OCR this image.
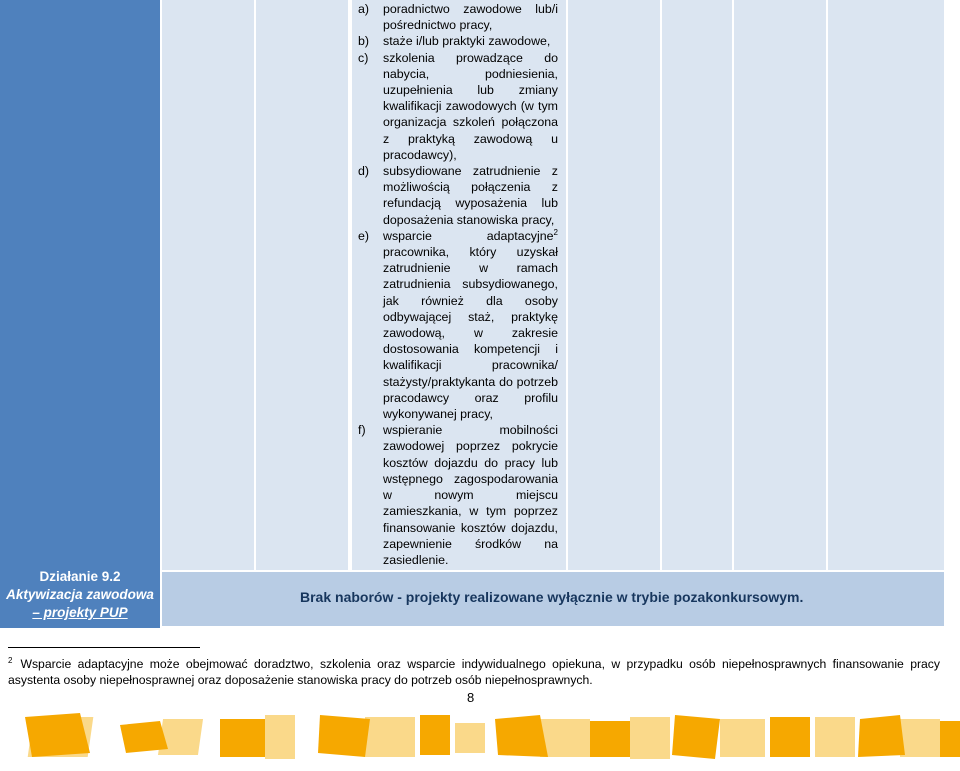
Działanie 9.2
Aktywizacja zawodowa
– projekty PUP
a) poradnictwo zawodowe lub/i pośrednictwo pracy,
b) staże i/lub praktyki zawodowe,
c) szkolenia prowadzące do nabycia, podniesienia, uzupełnienia lub zmiany kwalifikacji zawodowych (w tym organizacja szkoleń połączona z praktyką zawodową u pracodawcy),
d) subsydiowane zatrudnienie z możliwością połączenia z refundacją wyposażenia lub doposażenia stanowiska pracy,
e) wsparcie adaptacyjne$^2$ pracownika, który uzyskał zatrudnienie w ramach zatrudnienia subsydiowanego, jak również dla osoby odbywającej staż, praktykę zawodową, w zakresie dostosowania kompetencji i kwalifikacji pracownika/ stażysty/praktykanta do potrzeb pracodawcy oraz profilu wykonywanej pracy,
f) wspieranie mobilności zawodowej poprzez pokrycie kosztów dojazdu do pracy lub wstępnego zagospodarowania w nowym miejscu zamieszkania, w tym poprzez finansowanie kosztów dojazdu, zapewnienie środków na zasiedlenie.
Brak naborów - projekty realizowane wyłącznie w trybie pozakonkursowym.
$^2$ Wsparcie adaptacyjne może obejmować doradztwo, szkolenia oraz wsparcie indywidualnego opiekuna, w przypadku osób niepełnosprawnych finansowanie pracy asystenta osoby niepełnosprawnej oraz doposażenie stanowiska pracy do potrzeb osób niepełnosprawnych.
8
